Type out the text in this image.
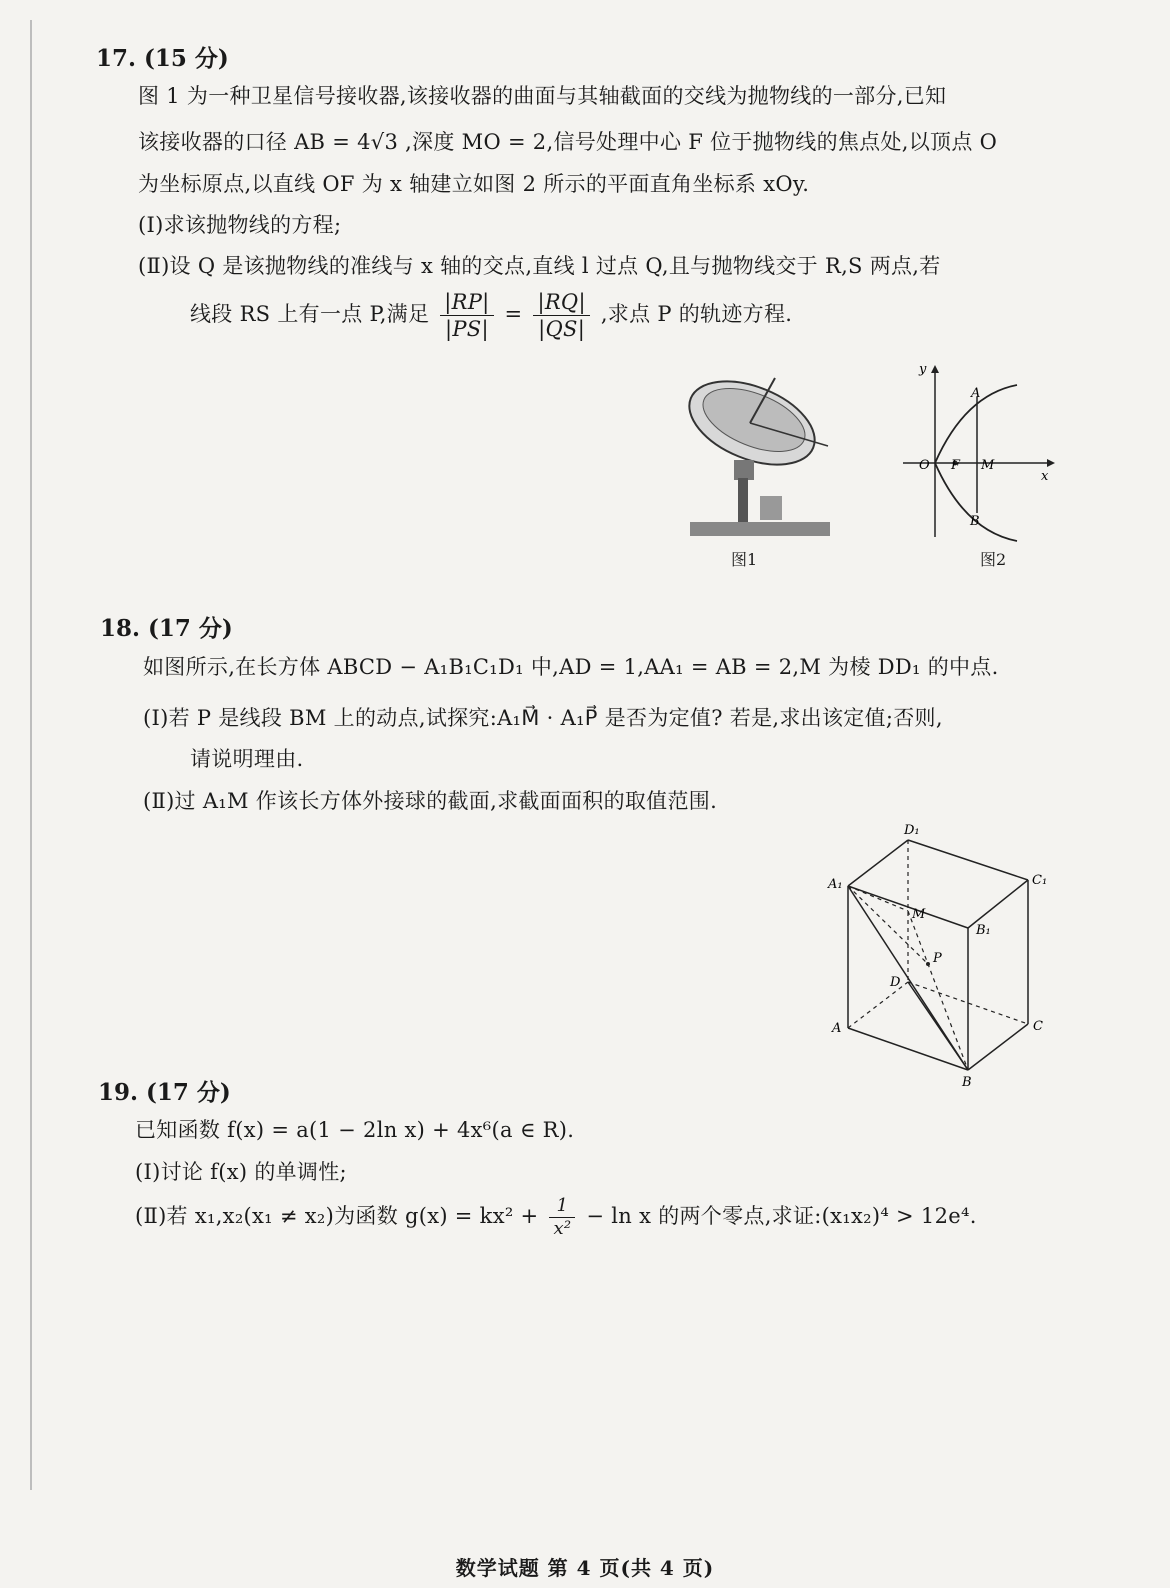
17. (15 分)
图 1 为一种卫星信号接收器,该接收器的曲面与其轴截面的交线为抛物线的一部分,已知
该接收器的口径 AB = 4√3 ,深度 MO = 2,信号处理中心 F 位于抛物线的焦点处,以顶点 O
为坐标原点,以直线 OF 为 x 轴建立如图 2 所示的平面直角坐标系 xOy.
(Ⅰ)求该抛物线的方程;
(Ⅱ)设 Q 是该抛物线的准线与 x 轴的交点,直线 l 过点 Q,且与抛物线交于 R,S 两点,若
线段 RS 上有一点 P,满足 $\frac{|RP|}{|PS|} = \frac{|RQ|}{|QS|}$ ,求点 P 的轨迹方程.
图1
y
x
O F M
A
B
图2
18. (17 分)
如图所示,在长方体 ABCD − A₁B₁C₁D₁ 中,AD = 1,AA₁ = AB = 2,M 为棱 DD₁ 的中点.
(Ⅰ)若 P 是线段 BM 上的动点,试探究:A₁M⃗ · A₁P⃗ 是否为定值? 若是,求出该定值;否则,
请说明理由.
(Ⅱ)过 A₁M 作该长方体外接球的截面,求截面面积的取值范围.
D₁
A₁	C₁
B₁
M
P
D
A	C
B
19. (17 分)
已知函数 f(x) = a(1 − 2ln x) + 4x⁶(a ∈ R).
(Ⅰ)讨论 f(x) 的单调性;
(Ⅱ)若 x₁,x₂(x₁ ≠ x₂)为函数 $g(x) = kx^2 + \frac{1}{\text{x²}} - \ln x$ 的两个零点,求证:(x₁x₂)⁴ > 12e⁴.
数学试题 第 4 页(共 4 页)
